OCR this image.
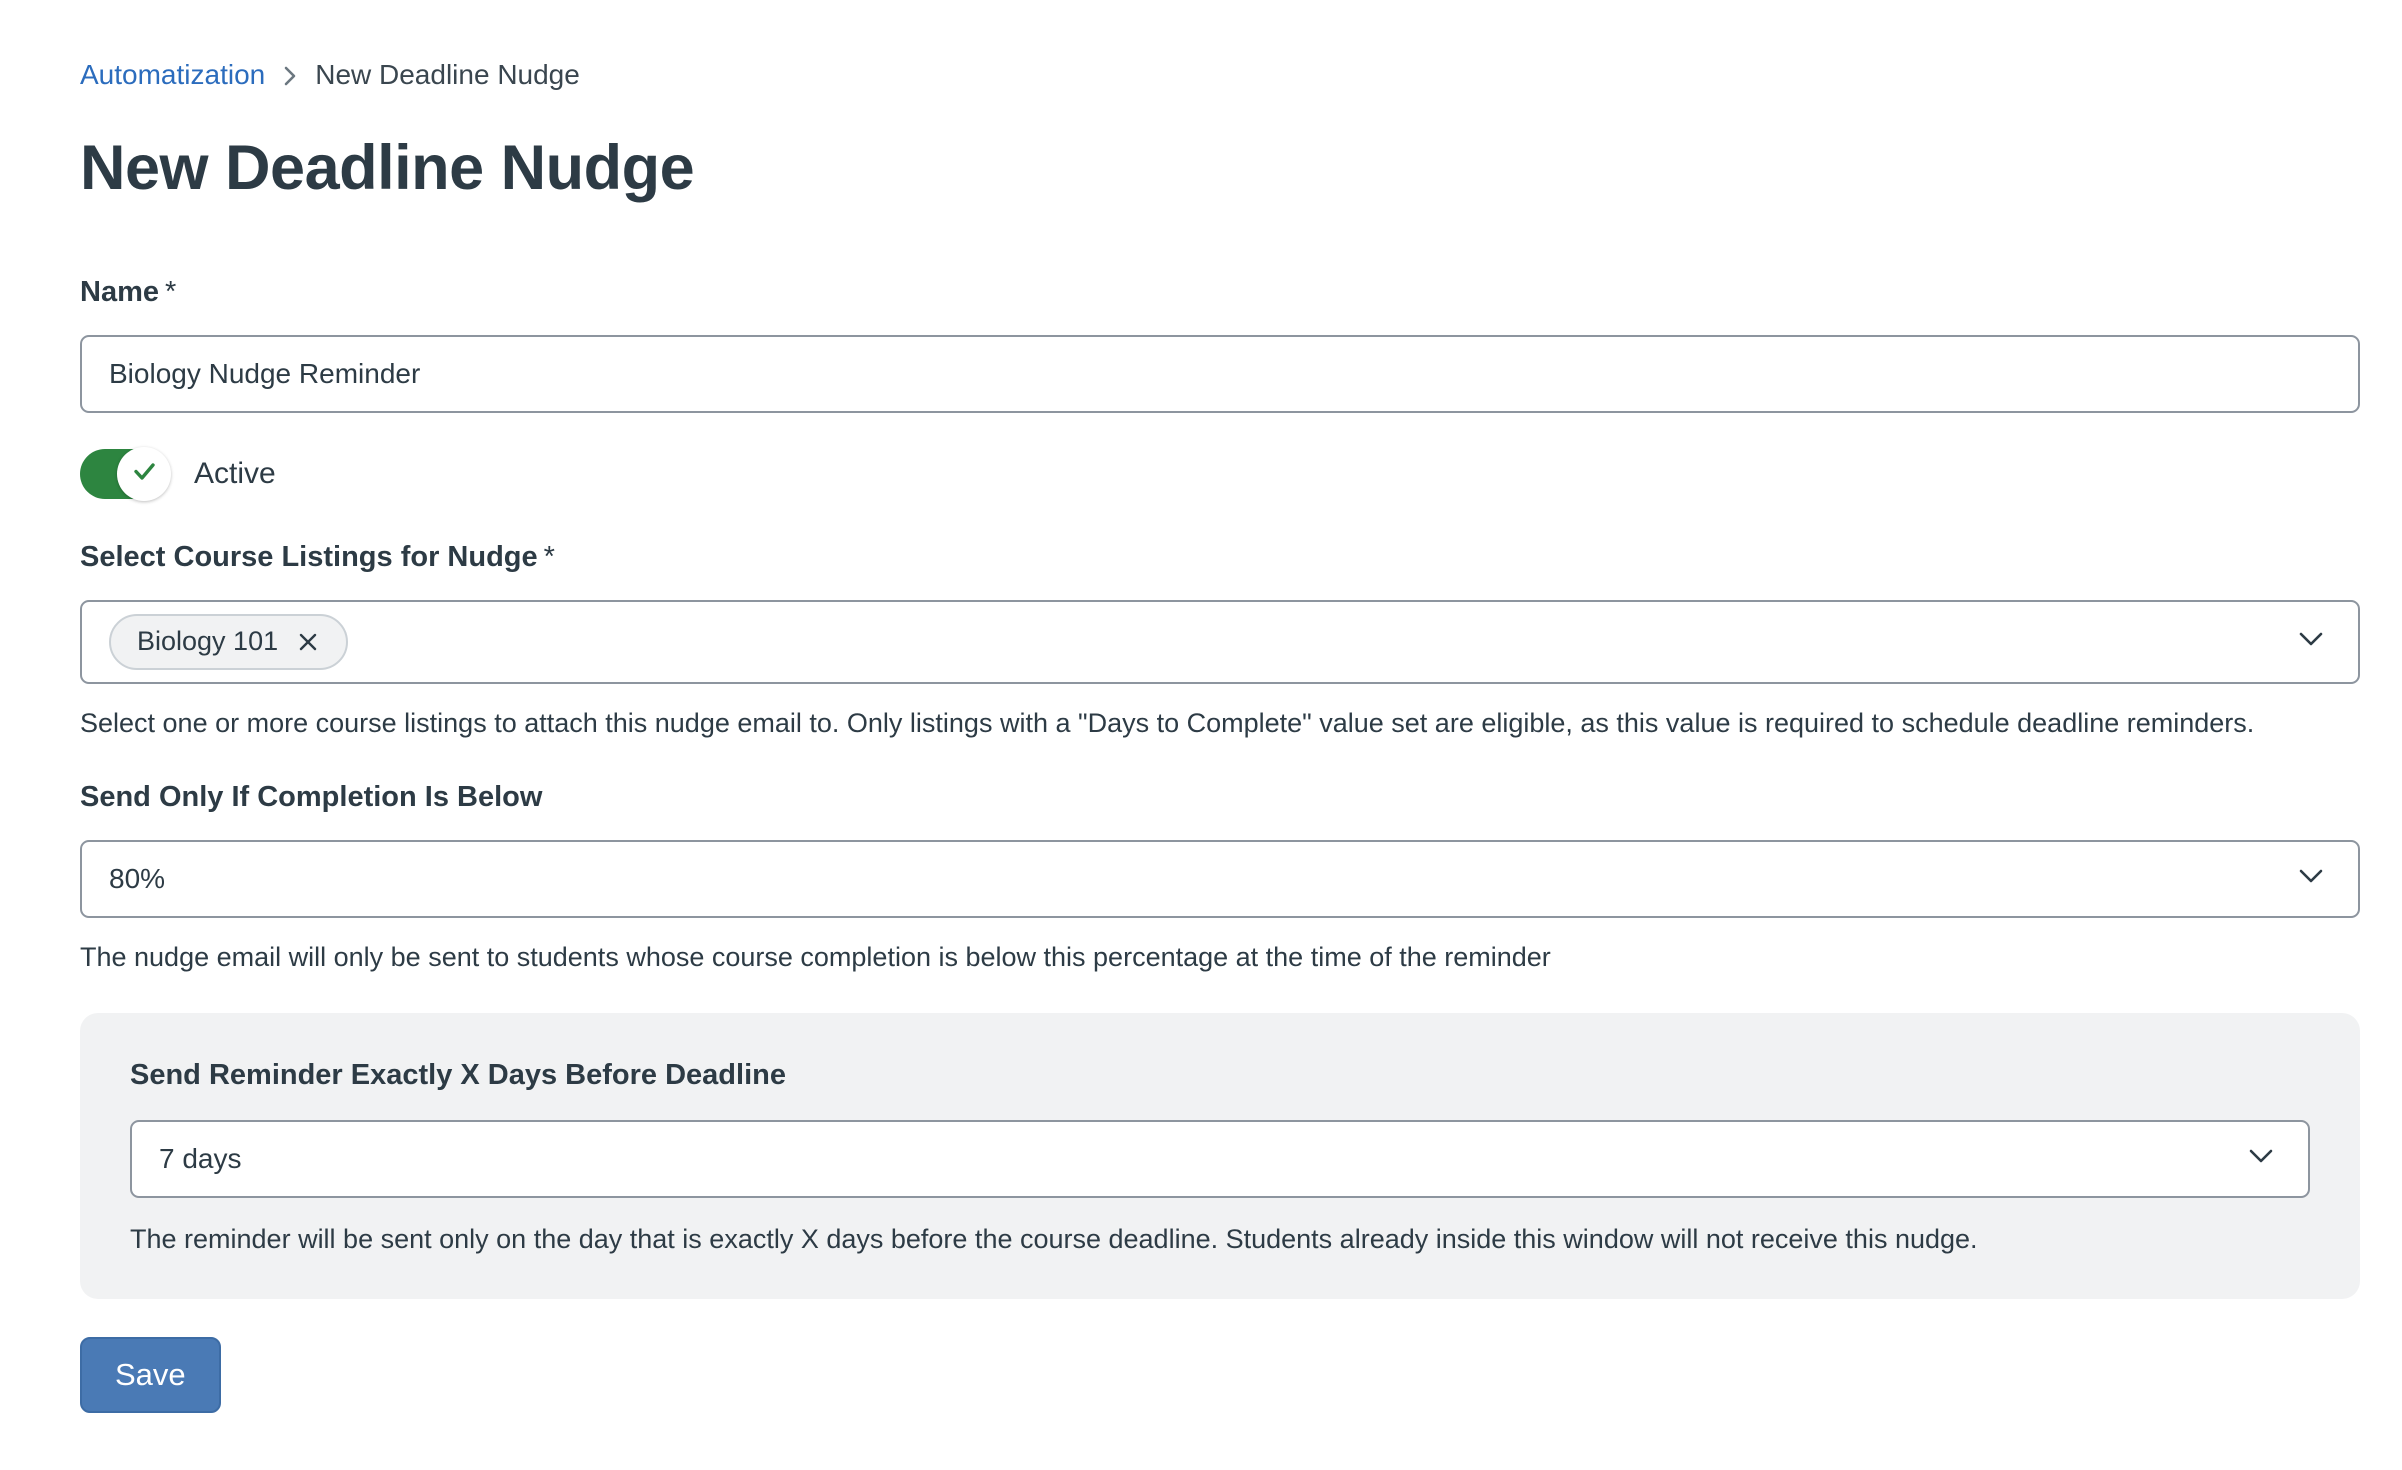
Automatization New Deadline Nudge
New Deadline Nudge
Name *
Biology Nudge Reminder
Active
Select Course Listings for Nudge *
Biology 101
Select one or more course listings to attach this nudge email to. Only listings with a "Days to Complete" value set are eligible, as this value is required to schedule deadline reminders.
Send Only If Completion Is Below
80%
The nudge email will only be sent to students whose course completion is below this percentage at the time of the reminder
Send Reminder Exactly X Days Before Deadline
7 days
The reminder will be sent only on the day that is exactly X days before the course deadline. Students already inside this window will not receive this nudge.
Save
